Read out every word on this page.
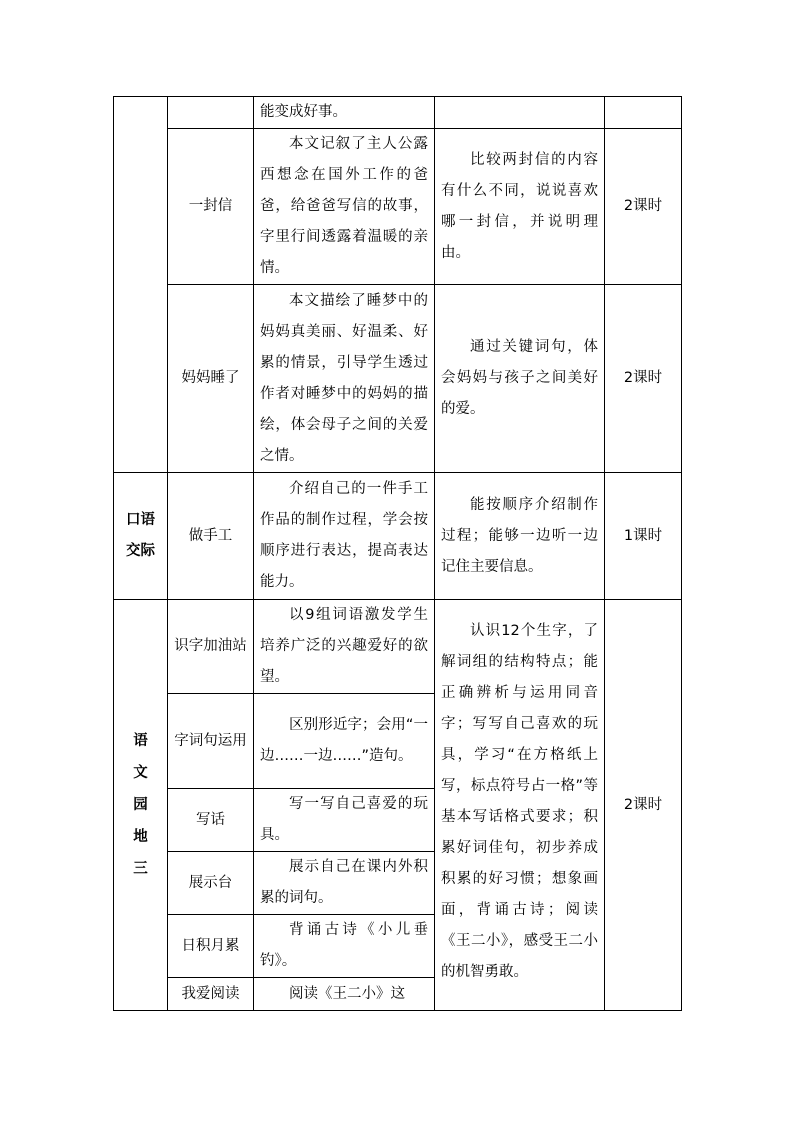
		能变成好事。		
	一封信	本文记叙了主人公露西想念在国外工作的爸爸，给爸爸写信的故事，字里行间透露着温暖的亲情。	比较两封信的内容有什么不同，说说喜欢哪一封信，并说明理由。	2课时
	妈妈睡了	本文描绘了睡梦中的妈妈真美丽、好温柔、好累的情景，引导学生透过作者对睡梦中的妈妈的描绘，体会母子之间的关爱之情。	通过关键词句，体会妈妈与孩子之间美好的爱。	2课时

口语
交际	做手工	介绍自己的一件手工作品的制作过程，学会按顺序进行表达，提高表达能力。	能按顺序介绍制作过程；能够一边听一边记住主要信息。	1课时

语
文
园
地
三	识字加油站	以9组词语激发学生培养广泛的兴趣爱好的欲望。	认识12个生字，了解词组的结构特点；能正确辨析与运用同音字；写写自己喜欢的玩具，学习“在方格纸上写，标点符号占一格”等基本写话格式要求；积累好词佳句，初步养成积累的好习惯；想象画面，背诵古诗；阅读《王二小》，感受王二小的机智勇敢。	2课时
	字词句运用	区别形近字；会用“一边……一边……”造句。		
	写话	写一写自己喜爱的玩具。		
	展示台	展示自己在课内外积累的词句。		
	日积月累	背诵古诗《小儿垂钓》。		
	我爱阅读	阅读《王二小》这		
